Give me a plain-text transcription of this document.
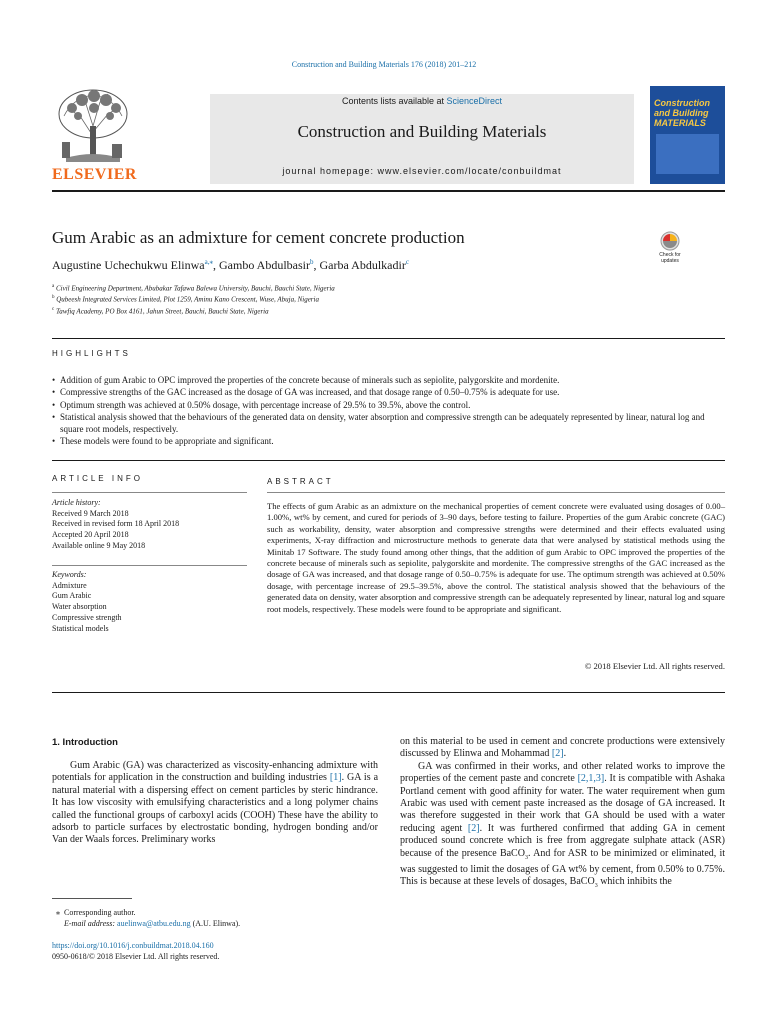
Construction and Building Materials 176 (2018) 201–212
ELSEVIER
Contents lists available at ScienceDirect
Construction and Building Materials
journal homepage: www.elsevier.com/locate/conbuildmat
Construction and Building MATERIALS
Gum Arabic as an admixture for cement concrete production
Check for updates
Augustine Uchechukwu Elinwa$^{a,⁎}$, Gambo Abdulbasir$^b$, Garba Abdulkadir$^c$
$^a$ Civil Engineering Department, Abubakar Tafawa Balewa University, Bauchi, Bauchi State, Nigeria
$^b$ Qubeesh Integrated Services Limited, Plot 1259, Aminu Kano Crescent, Wuse, Abuja, Nigeria
$^c$ Tawfiq Academy, PO Box 4161, Jahun Street, Bauchi, Bauchi State, Nigeria
HIGHLIGHTS
• Addition of gum Arabic to OPC improved the properties of the concrete because of minerals such as sepiolite, palygorskite and mordenite.
• Compressive strengths of the GAC increased as the dosage of GA was increased, and that dosage range of 0.50–0.75% is adequate for use.
• Optimum strength was achieved at 0.50% dosage, with percentage increase of 29.5% to 39.5%, above the control.
• Statistical analysis showed that the behaviours of the generated data on density, water absorption and compressive strength can be adequately represented by linear, natural log and square root models, respectively.
• These models were found to be appropriate and significant.
ARTICLE INFO
Article history:
Received 9 March 2018
Received in revised form 18 April 2018
Accepted 20 April 2018
Available online 9 May 2018
Keywords:
Admixture
Gum Arabic
Water absorption
Compressive strength
Statistical models
ABSTRACT
The effects of gum Arabic as an admixture on the mechanical properties of cement concrete were evaluated using dosages of 0.00–1.00%, wt% by cement, and cured for periods of 3–90 days, before testing to failure. Properties of the gum Arabic concrete (GAC) such as workability, density, water absorption and compressive strengths were determined and their effects evaluated using experiments, X-ray diffraction and microstructure methods to generate data that were analysed by statistical methods using the Minitab 17 Software. The study found among other things, that the addition of gum Arabic to OPC improved the properties of the concrete because of minerals such as sepiolite, palygorskite and mordenite. The compressive strengths of the GAC increased as the dosage of GA was increased, and that dosage range of 0.50–0.75% is adequate for use. The optimum strength was achieved at 0.50% dosage, with percentage increase of 29.5–39.5%, above the control. The statistical analysis showed that the behaviours of the generated data on density, water absorption and compressive strength can be adequately represented by linear, natural log and square root models, respectively. These models were found to be appropriate and significant.
© 2018 Elsevier Ltd. All rights reserved.
1. Introduction
Gum Arabic (GA) was characterized as viscosity-enhancing admixture with potentials for application in the construction and building industries [1]. GA is a natural material with a dispersing effect on cement particles by steric hindrance. It has low viscosity with emulsifying characteristics and a long polymer chains called the functional groups of carboxyl acids (COOH) These have the ability to adsorb to particle surfaces by electrostatic bonding, hydrogen bonding and/or Van der Waals forces. Preliminary works

on this material to be used in cement and concrete productions were extensively discussed by Elinwa and Mohammad [2].

GA was confirmed in their works, and other related works to improve the properties of the cement paste and concrete [2,1,3]. It is compatible with Ashaka Portland cement with good affinity for water. The water requirement when gum Arabic was used with cement paste increased as the dosage of GA increased. It was therefore suggested in their work that GA should be used with a water reducing agent [2]. It was furthered confirmed that adding GA in cement produced sound concrete which is free from aggregate sulphate attack (ASR) because of the presence BaCO$_3$. And for ASR to be minimized or eliminated, it was suggested to limit the dosages of GA wt% by cement, from 0.50% to 0.75%. This is because at these levels of dosages, BaCO$_3$ which inhibits the

⁎ Corresponding author.
E-mail address: auelinwa@atbu.edu.ng (A.U. Elinwa).
https://doi.org/10.1016/j.conbuildmat.2018.04.160
0950-0618/© 2018 Elsevier Ltd. All rights reserved.
